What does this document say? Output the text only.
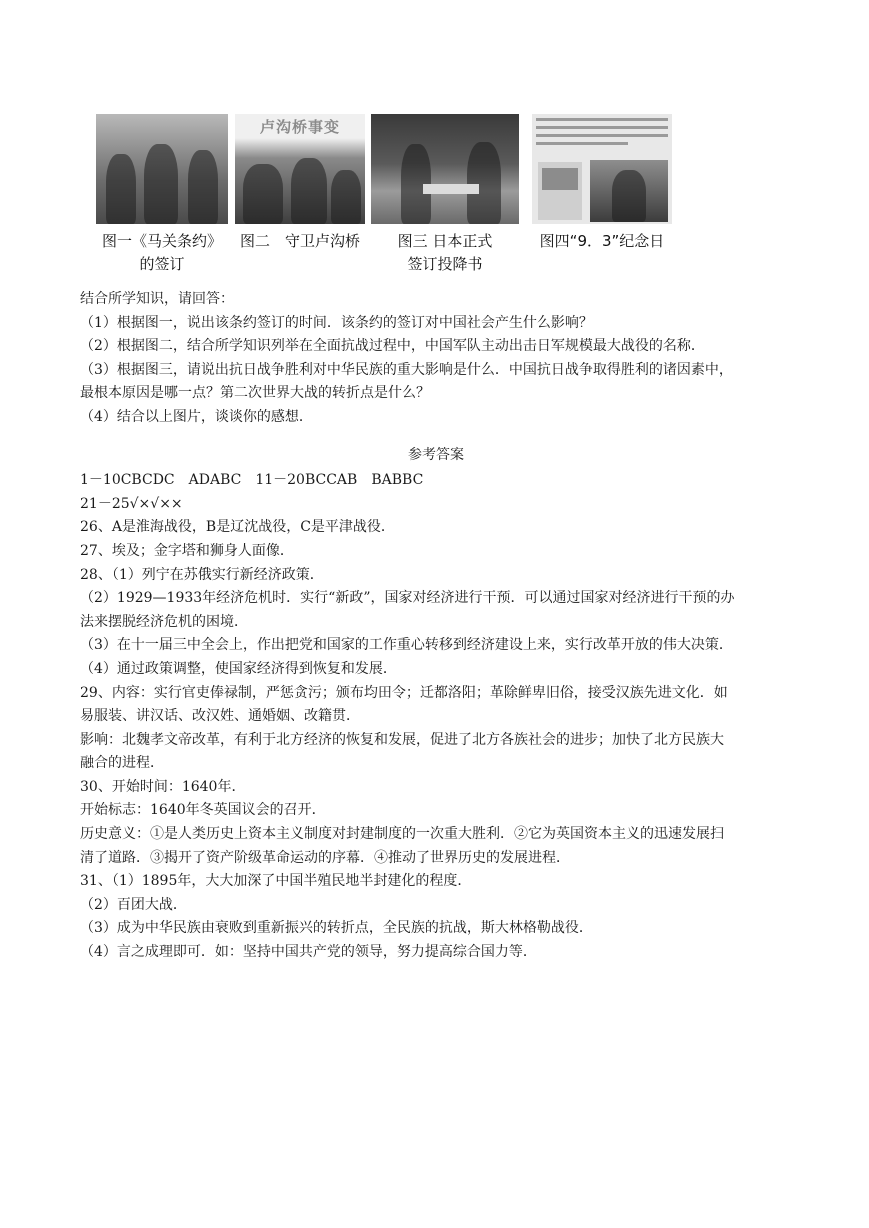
图一《马关条约》
的签订
卢沟桥事变
图二　守卫卢沟桥	图三 日本正式
签订投降书
图四“9．3”纪念日

结合所学知识，请回答：

（1）根据图一，说出该条约签订的时间．该条约的签订对中国社会产生什么影响？

（2）根据图二，结合所学知识列举在全面抗战过程中，中国军队主动出击日军规模最大战役的名称．

（3）根据图三，请说出抗日战争胜利对中华民族的重大影响是什么．中国抗日战争取得胜利的诸因素中，

最根本原因是哪一点？第二次世界大战的转折点是什么？

（4）结合以上图片，谈谈你的感想．

参考答案

1－10CBCDC　ADABC　11－20BCCAB　BABBC

21－25√×√××

26、A是淮海战役，B是辽沈战役，C是平津战役．

27、埃及；金字塔和狮身人面像．

28、（1）列宁在苏俄实行新经济政策．

（2）1929—1933年经济危机时．实行“新政”，国家对经济进行干预．可以通过国家对经济进行干预的办

法来摆脱经济危机的困境．

（3）在十一届三中全会上，作出把党和国家的工作重心转移到经济建设上来，实行改革开放的伟大决策．

（4）通过政策调整，使国家经济得到恢复和发展．

29、内容：实行官吏俸禄制，严惩贪污；颁布均田令；迁都洛阳；革除鲜卑旧俗，接受汉族先进文化．如

易服装、讲汉话、改汉姓、通婚姻、改籍贯．

影响：北魏孝文帝改革，有利于北方经济的恢复和发展，促进了北方各族社会的进步；加快了北方民族大

融合的进程．

30、开始时间：1640年．

开始标志：1640年冬英国议会的召开．

历史意义：①是人类历史上资本主义制度对封建制度的一次重大胜利．②它为英国资本主义的迅速发展扫

清了道路．③揭开了资产阶级革命运动的序幕．④推动了世界历史的发展进程．

31、（1）1895年，大大加深了中国半殖民地半封建化的程度．

（2）百团大战．

（3）成为中华民族由衰败到重新振兴的转折点，全民族的抗战，斯大林格勒战役．

（4）言之成理即可．如：坚持中国共产党的领导，努力提高综合国力等．
